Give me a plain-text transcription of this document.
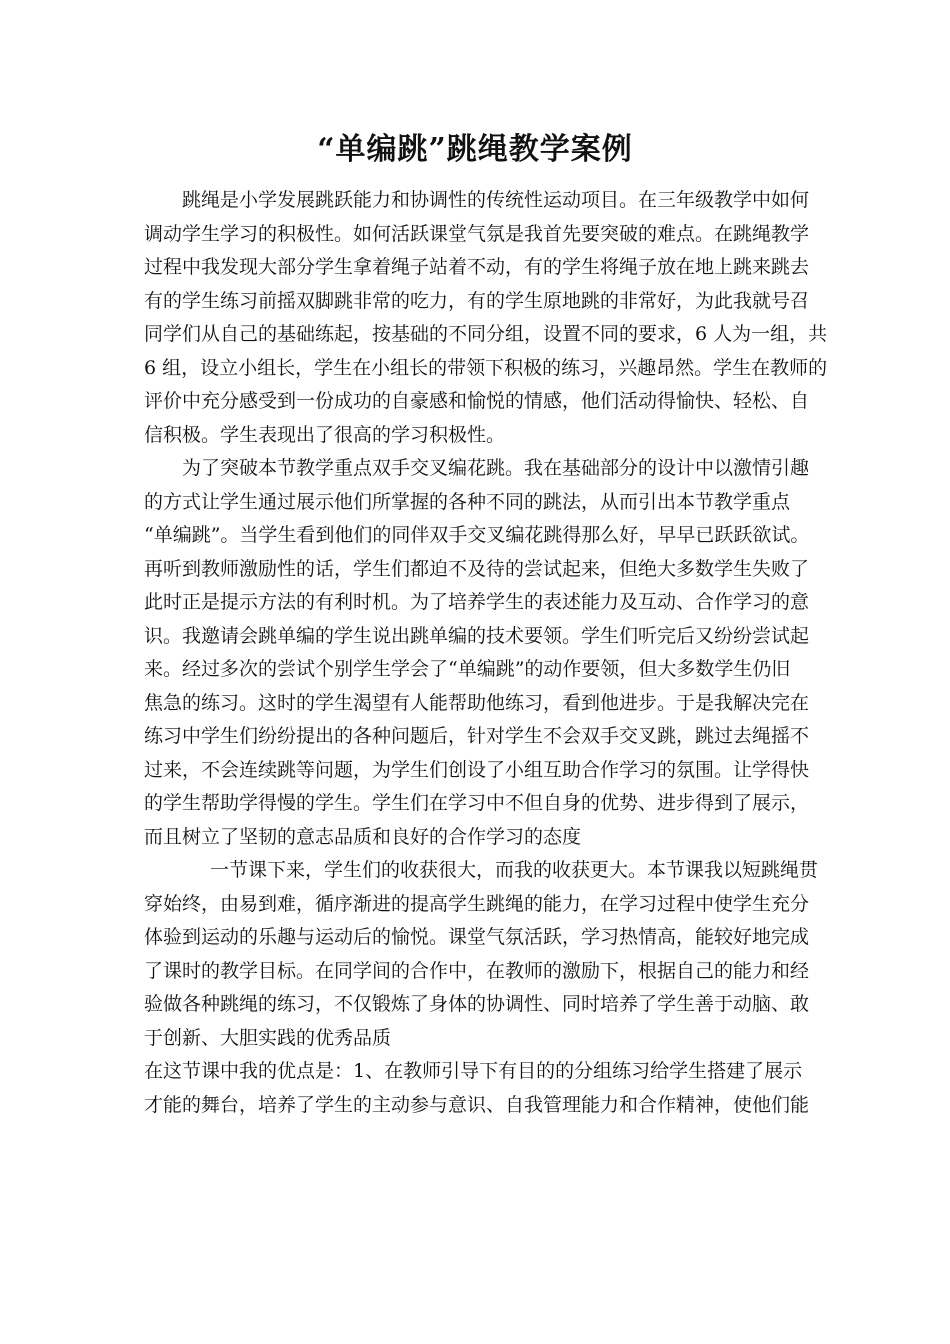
“单编跳”跳绳教学案例
跳绳是小学发展跳跃能力和协调性的传统性运动项目。在三年级教学中如何
调动学生学习的积极性。如何活跃课堂气氛是我首先要突破的难点。在跳绳教学
过程中我发现大部分学生拿着绳子站着不动，有的学生将绳子放在地上跳来跳去
有的学生练习前摇双脚跳非常的吃力，有的学生原地跳的非常好，为此我就号召
同学们从自己的基础练起，按基础的不同分组，设置不同的要求，6 人为一组，共
6 组，设立小组长，学生在小组长的带领下积极的练习，兴趣昂然。学生在教师的
评价中充分感受到一份成功的自豪感和愉悦的情感，他们活动得愉快、轻松、自
信积极。学生表现出了很高的学习积极性。
为了突破本节教学重点双手交叉编花跳。我在基础部分的设计中以激情引趣
的方式让学生通过展示他们所掌握的各种不同的跳法，从而引出本节教学重点
“单编跳”。当学生看到他们的同伴双手交叉编花跳得那么好，早早已跃跃欲试。
再听到教师激励性的话，学生们都迫不及待的尝试起来，但绝大多数学生失败了
此时正是提示方法的有利时机。为了培养学生的表述能力及互动、合作学习的意
识。我邀请会跳单编的学生说出跳单编的技术要领。学生们听完后又纷纷尝试起
来。经过多次的尝试个别学生学会了“单编跳”的动作要领，但大多数学生仍旧
焦急的练习。这时的学生渴望有人能帮助他练习，看到他进步。于是我解决完在
练习中学生们纷纷提出的各种问题后，针对学生不会双手交叉跳，跳过去绳摇不
过来，不会连续跳等问题，为学生们创设了小组互助合作学习的氛围。让学得快
的学生帮助学得慢的学生。学生们在学习中不但自身的优势、进步得到了展示，
而且树立了坚韧的意志品质和良好的合作学习的态度
一节课下来，学生们的收获很大，而我的收获更大。本节课我以短跳绳贯
穿始终，由易到难，循序渐进的提高学生跳绳的能力，在学习过程中使学生充分
体验到运动的乐趣与运动后的愉悦。课堂气氛活跃，学习热情高，能较好地完成
了课时的教学目标。在同学间的合作中，在教师的激励下，根据自己的能力和经
验做各种跳绳的练习，不仅锻炼了身体的协调性、同时培养了学生善于动脑、敢
于创新、大胆实践的优秀品质
在这节课中我的优点是：1、在教师引导下有目的的分组练习给学生搭建了展示
才能的舞台，培养了学生的主动参与意识、自我管理能力和合作精神，使他们能
